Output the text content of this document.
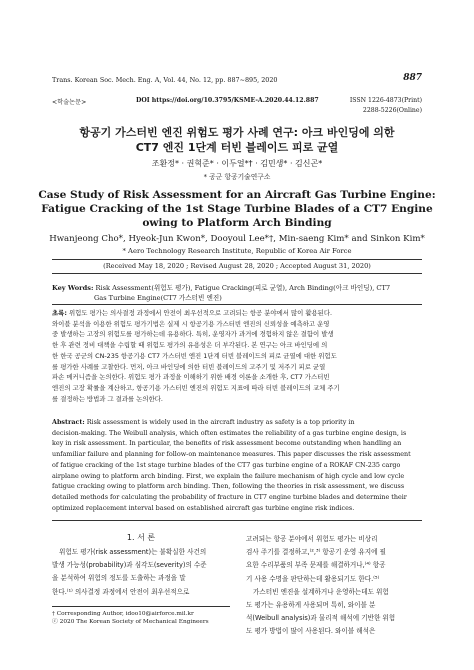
Trans. Korean Soc. Mech. Eng. A, Vol. 44, No. 12, pp. 887~895, 2020	887
<학술논문>	DOI https://doi.org/10.3795/KSME-A.2020.44.12.887	ISSN 1226-4873(Print)
2288-5226(Online)
항공기 가스터빈 엔진 위험도 평가 사례 연구: 아크 바인딩에 의한
CT7 엔진 1단계 터빈 블레이드 피로 균열
조환정* · 권혁준* · 이두얼*† · 김민생* · 김신곤*
* 공군 항공기술연구소
Case Study of Risk Assessment for an Aircraft Gas Turbine Engine:
Fatigue Cracking of the 1st Stage Turbine Blades of a CT7 Engine
owing to Platform Arch Binding
Hwanjeong Cho*, Hyeok-Jun Kwon*, Dooyoul Lee*†, Min-saeng Kim* and Sinkon Kim*
* Aero Technology Research Institute, Republic of Korea Air Force
(Received May 18, 2020 ; Revised August 28, 2020 ; Accepted August 31, 2020)
Key Words: Risk Assessment(위험도 평가), Fatigue Cracking(피로 균열), Arch Binding(아크 바인딩), CT7
Gas Turbine Engine(CT7 가스터빈 엔진)
초록: 위험도 평가는 의사결정 과정에서 안전이 최우선적으로 고려되는 항공 분야에서 많이 활용된다.
와이블 분석을 이용한 위험도 평가기법은 실제 시 항공기용 가스터빈 엔진의 신뢰성을 예측하고 운영
중 발생하는 고장의 위험도를 평가하는데 유용하다. 특히, 운영자가 과거에 경험하지 않은 결함이 발생
한 후 관련 정비 대책을 수립할 때 위험도 평가의 유용성은 더 부각된다. 본 연구는 아크 바인딩에 의
한 한국 공군의 CN-235 항공기용 CT7 가스터빈 엔진 1단계 터빈 블레이드의 피로 균열에 대한 위험도
를 평가한 사례를 고찰한다. 먼저, 아크 바인딩에 의한 터빈 블레이드의 고주기 및 저주기 피로 균열
파손 메커니즘을 논의한다. 위험도 평가 과정을 이해하기 위한 배경 이론을 소개한 후, CT7 가스터빈
엔진의 고장 확률을 계산하고, 항공기용 가스터빈 엔진의 위험도 지표에 따라 터빈 블레이드의 교체 주기
를 결정하는 방법과 그 결과를 논의한다.
Abstract: Risk assessment is widely used in the aircraft industry as safety is a top priority in
decision-making. The Weibull analysis, which often estimates the reliability of a gas turbine engine design, is
key in risk assessment. In particular, the benefits of risk assessment become outstanding when handling an
unfamiliar failure and planning for follow-on maintenance measures. This paper discusses the risk assessment
of fatigue cracking of the 1st stage turbine blades of the CT7 gas turbine engine of a ROKAF CN-235 cargo
airplane owing to platform arch binding. First, we explain the failure mechanism of high cycle and low cycle
fatigue cracking owing to platform arch binding. Then, following the theories in risk assessment, we discuss
detailed methods for calculating the probability of fracture in CT7 engine turbine blades and determine their
optimized replacement interval based on established aircraft gas turbine engine risk indices.
1. 서 론
위험도 평가(risk assessment)는 불확실한 사건의
발생 가능성(probability)과 심각도(severity)의 수준
을 분석하여 위험의 정도를 도출하는 과정을 말
한다.⁽¹⁾ 의사결정 과정에서 안전이 최우선적으로
† Corresponding Author, idoo10@airforce.mil.kr
ⓒ 2020 The Korean Society of Mechanical Engineers
고려되는 항공 분야에서 위험도 평가는 비상리
검사 주기를 결정하고,⁽²,³⁾ 항공기 운영 유지에 필
요한 수리부품의 부족 문제를 해결하거나,⁽⁴⁾ 항공
기 사용 수명을 판단하는데 활용되기도 한다.⁽⁵⁾
가스터빈 엔진을 설계하거나 운영하는데도 위험
도 평가는 유용하게 사용되며 특히, 와이블 분
석(Weibull analysis)과 물리적 해석에 기반한 위험
도 평가 방법이 많이 사용된다. 와이블 해석은
